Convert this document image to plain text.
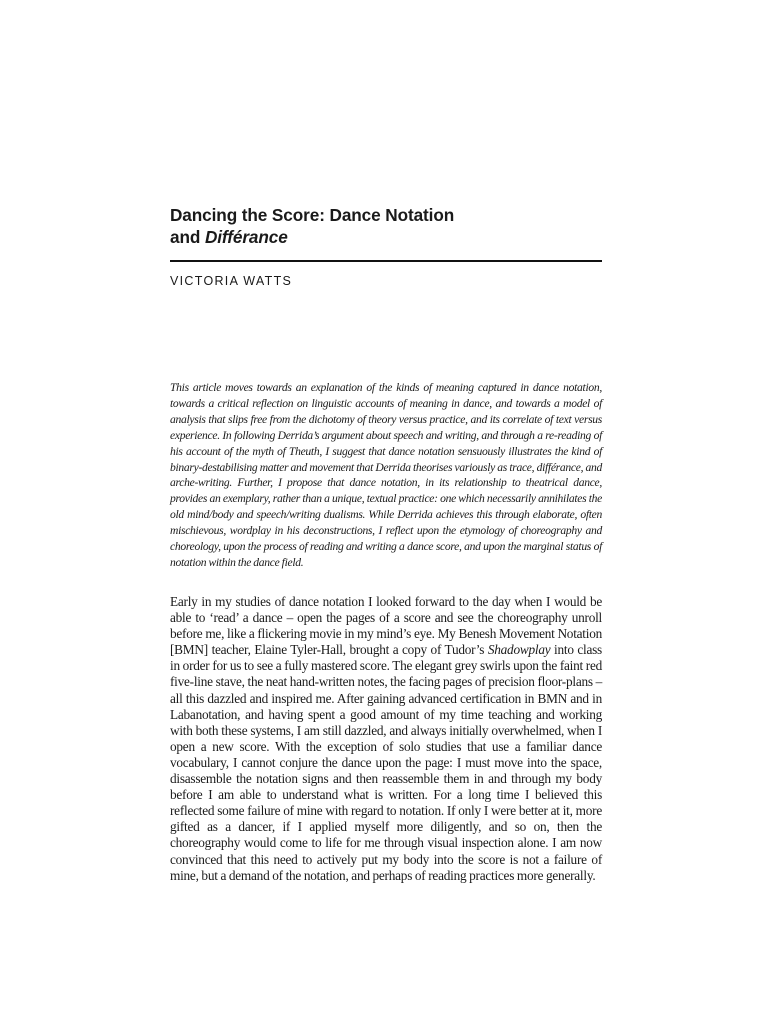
Dancing the Score: Dance Notation
and Différance
VICTORIA WATTS

This article moves towards an explanation of the kinds of meaning captured in dance notation, towards a critical reflection on linguistic accounts of meaning in dance, and towards a model of analysis that slips free from the dichotomy of theory versus practice, and its correlate of text versus experience. In following Derrida’s argument about speech and writing, and through a re-reading of his account of the myth of Theuth, I suggest that dance notation sensuously illustrates the kind of binary-destabilising matter and movement that Derrida theorises variously as trace, différance, and arche-writing. Further, I propose that dance notation, in its relationship to theatrical dance, provides an exemplary, rather than a unique, textual practice: one which necessarily annihilates the old mind/body and speech/writing dualisms. While Derrida achieves this through elaborate, often mischievous, wordplay in his deconstructions, I reflect upon the etymology of choreography and choreology, upon the process of reading and writing a dance score, and upon the marginal status of notation within the dance field.

Early in my studies of dance notation I looked forward to the day when I would be able to ‘read’ a dance – open the pages of a score and see the choreography unroll before me, like a flickering movie in my mind’s eye. My Benesh Movement Notation [BMN] teacher, Elaine Tyler-Hall, brought a copy of Tudor’s Shadowplay into class in order for us to see a fully mastered score. The elegant grey swirls upon the faint red five-line stave, the neat hand-written notes, the facing pages of precision floor-plans – all this dazzled and inspired me. After gaining advanced certification in BMN and in Labanotation, and having spent a good amount of my time teaching and working with both these systems, I am still dazzled, and always initially overwhelmed, when I open a new score. With the exception of solo studies that use a familiar dance vocabulary, I cannot conjure the dance upon the page: I must move into the space, disassemble the notation signs and then reassemble them in and through my body before I am able to understand what is written. For a long time I believed this reflected some failure of mine with regard to notation. If only I were better at it, more gifted as a dancer, if I applied myself more diligently, and so on, then the choreography would come to life for me through visual inspection alone. I am now convinced that this need to actively put my body into the score is not a failure of mine, but a demand of the notation, and perhaps of reading practices more generally.
